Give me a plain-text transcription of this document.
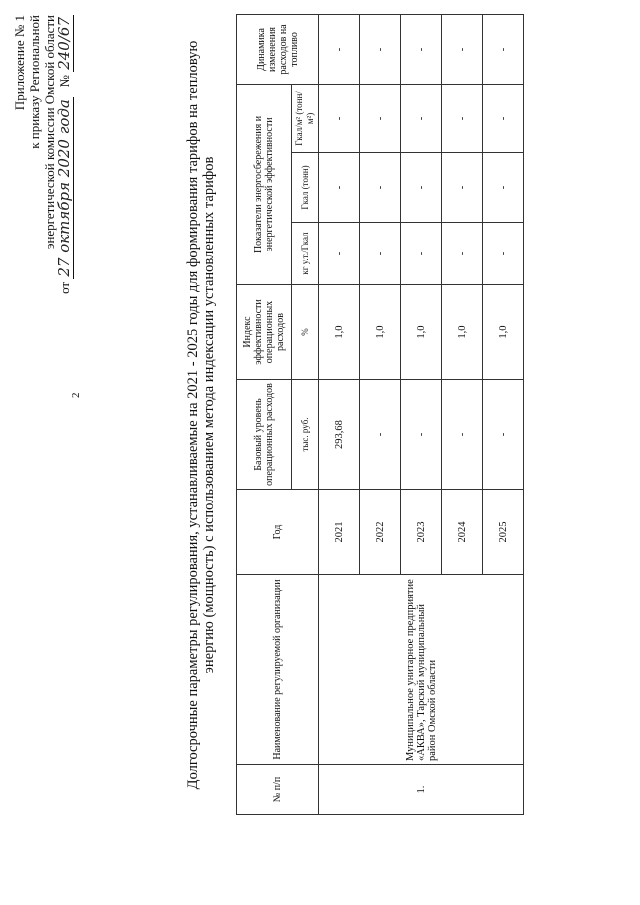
2
Приложение № 1 к приказу Региональной энергетической комиссии Омской области
от 27 октября 2020 года   № 240/67	Долгосрочные параметры регулирования, устанавливаемые на 2021 - 2025 годы для формирования тарифов на тепловую энергию (мощность) с использованием метода индексации установленных тарифов
№ п/п	Наименование регулируемой организации	Год	Базовый уровень операционных расходов	Индекс эффективности операционных расходов	Показатели энергосбережения и энергетической эффективности			Динамика изменения расходов на топливо
			тыс. руб.	%	кг у.т./Гкал	Гкал (тонн)	Гкал/м² (тонн/м²)	
1.	Муниципальное унитарное предприятие «АКВА», Тарский муниципальный район Омской области	2021	293,68	1,0	-	-	-	-
		2022	-	1,0	-	-	-	-
		2023	-	1,0	-	-	-	-
		2024	-	1,0	-	-	-	-
		2025	-	1,0	-	-	-	-
